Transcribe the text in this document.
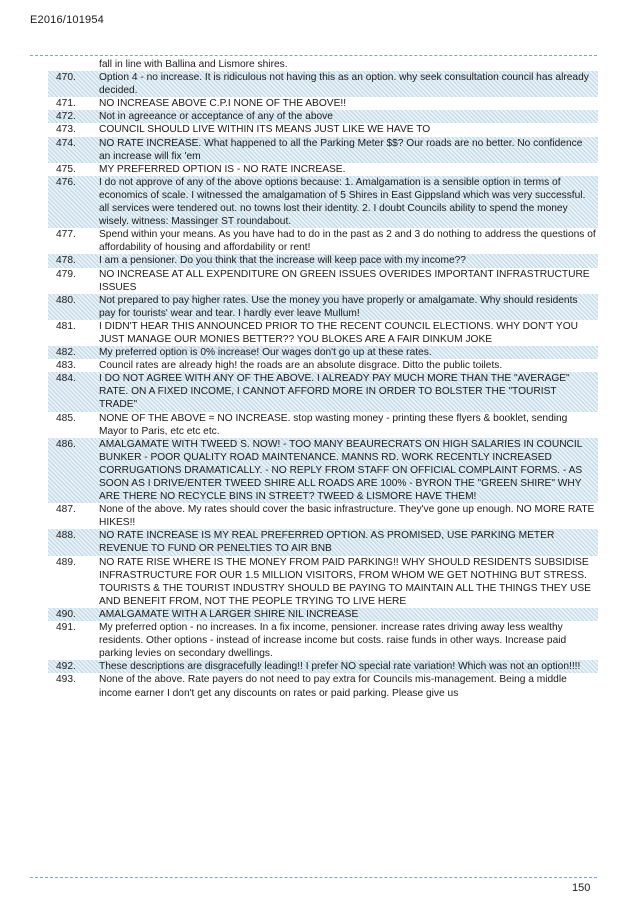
E2016/101954
fall in line with Ballina and Lismore shires.
470.	Option 4 - no increase. It is ridiculous not having this as an option. why seek consultation council has already decided.
471.	NO INCREASE ABOVE C.P.I NONE OF THE ABOVE!!
472.	Not in agreeance or acceptance of any of the above
473.	COUNCIL SHOULD LIVE WITHIN ITS MEANS JUST LIKE WE HAVE TO
474.	NO RATE INCREASE. What happened to all the Parking Meter $$? Our roads are no better. No confidence an increase will fix 'em
475.	MY PREFERRED OPTION IS - NO RATE INCREASE.
476.	I do not approve of any of the above options because: 1. Amalgamation is a sensible option in terms of economics of scale. I witnessed the amalgamation of 5 Shires in East Gippsland which was very successful. all services were tendered out. no towns lost their identity. 2. I doubt Councils ability to spend the money wisely. witness: Massinger ST roundabout.
477.	Spend within your means. As you have had to do in the past as 2 and 3 do nothing to address the questions of affordability of housing and affordability or rent!
478.	I am a pensioner. Do you think that the increase will keep pace with my income??
479.	NO INCREASE AT ALL EXPENDITURE ON GREEN ISSUES OVERIDES IMPORTANT INFRASTRUCTURE ISSUES
480.	Not prepared to pay higher rates. Use the money you have properly or amalgamate. Why should residents pay for tourists' wear and tear. I hardly ever leave Mullum!
481.	I DIDN'T HEAR THIS ANNOUNCED PRIOR TO THE RECENT COUNCIL ELECTIONS. WHY DON'T YOU JUST MANAGE OUR MONIES BETTER?? YOU BLOKES ARE A FAIR DINKUM JOKE
482.	My preferred option is 0% increase! Our wages don't go up at these rates.
483.	Council rates are already high! the roads are an absolute disgrace. Ditto the public toilets.
484.	I DO NOT AGREE WITH ANY OF THE ABOVE. I ALREADY PAY MUCH MORE THAN THE "AVERAGE" RATE. ON A FIXED INCOME, I CANNOT AFFORD MORE IN ORDER TO BOLSTER THE "TOURIST TRADE"
485.	NONE OF THE ABOVE = NO INCREASE. stop wasting money - printing these flyers & booklet, sending Mayor to Paris, etc etc etc.
486.	AMALGAMATE WITH TWEED S. NOW! - TOO MANY BEAURECRATS ON HIGH SALARIES IN COUNCIL BUNKER - POOR QUALITY ROAD MAINTENANCE. MANNS RD. WORK RECENTLY INCREASED CORRUGATIONS DRAMATICALLY. - NO REPLY FROM STAFF ON OFFICIAL COMPLAINT FORMS. - AS SOON AS I DRIVE/ENTER TWEED SHIRE ALL ROADS ARE 100% - BYRON THE "GREEN SHIRE" WHY ARE THERE NO RECYCLE BINS IN STREET? TWEED & LISMORE HAVE THEM!
487.	None of the above. My rates should cover the basic infrastructure. They've gone up enough. NO MORE RATE HIKES!!
488.	NO RATE INCREASE IS MY REAL PREFERRED OPTION. AS PROMISED, USE PARKING METER REVENUE TO FUND OR PENELTIES TO AIR BNB
489.	NO RATE RISE WHERE IS THE MONEY FROM PAID PARKING!! WHY SHOULD RESIDENTS SUBSIDISE INFRASTRUCTURE FOR OUR 1.5 MILLION VISITORS, FROM WHOM WE GET NOTHING BUT STRESS. TOURISTS & THE TOURIST INDUSTRY SHOULD BE PAYING TO MAINTAIN ALL THE THINGS THEY USE AND BENEFIT FROM, NOT THE PEOPLE TRYING TO LIVE HERE
490.	AMALGAMATE WITH A LARGER SHIRE NIL INCREASE
491.	My preferred option - no increases. In a fix income, pensioner. increase rates driving away less wealthy residents. Other options - instead of increase income but costs. raise funds in other ways. Increase paid parking levies on secondary dwellings.
492.	These descriptions are disgracefully leading!! I prefer NO special rate variation! Which was not an option!!!!
493.	None of the above. Rate payers do not need to pay extra for Councils mis-management. Being a middle income earner I don't get any discounts on rates or paid parking. Please give us
150
